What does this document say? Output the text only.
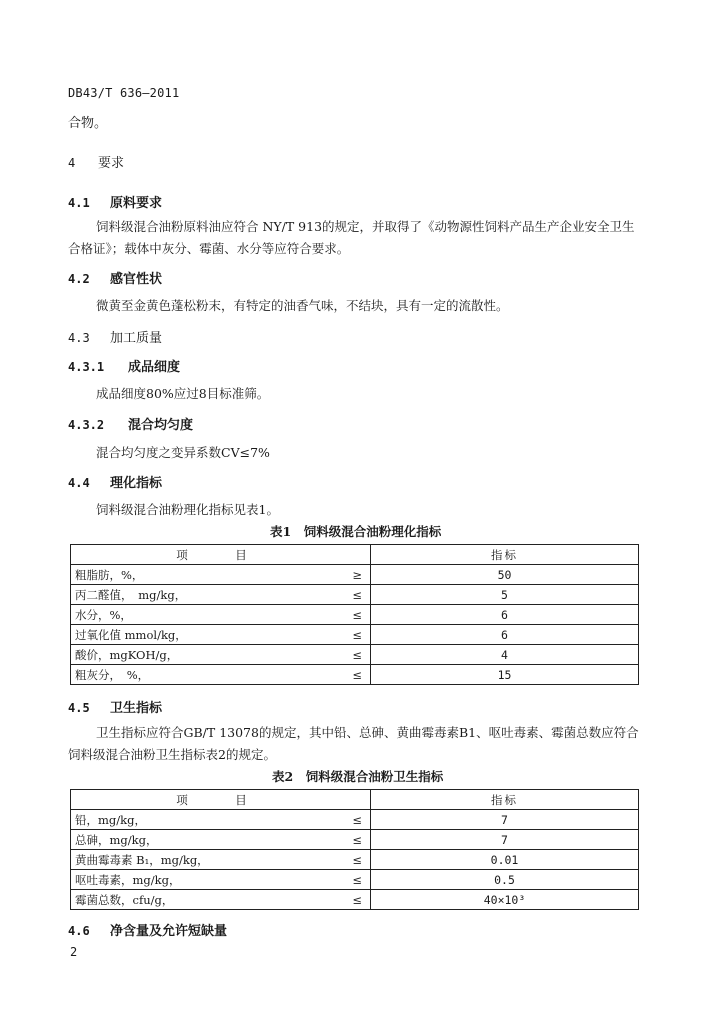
DB43/T 636—2011
合物。
4 要求
4.1 原料要求
饲料级混合油粉原料油应符合 NY/T 913的规定，并取得了《动物源性饲料产品生产企业安全卫生合格证》；载体中灰分、霉菌、水分等应符合要求。
4.2 感官性状
微黄至金黄色蓬松粉末，有特定的油香气味，不结块，具有一定的流散性。
4.3 加工质量
4.3.1 成品细度
成品细度80%应过8目标准筛。
4.3.2 混合均匀度
混合均匀度之变异系数CV≤7%
4.4 理化指标
饲料级混合油粉理化指标见表1。
表1　饲料级混合油粉理化指标
项　目		指标
粗脂肪，%，	≥	50
丙二醛值，　mg/kg，	≤	5
水分，%，	≤	6
过氧化值 mmol/kg，	≤	6
酸价，mgKOH/g，	≤	4
粗灰分，　%，	≤	15
4.5 卫生指标
卫生指标应符合GB/T 13078的规定，其中铅、总砷、黄曲霉毒素B1、呕吐毒素、霉菌总数应符合饲料级混合油粉卫生指标表2的规定。
表2　饲料级混合油粉卫生指标
项　目		指标
铅，mg/kg，	≤	7
总砷，mg/kg，	≤	7
黄曲霉毒素 B₁，mg/kg，	≤	0.01
呕吐毒素，mg/kg，	≤	0.5
霉菌总数，cfu/g，	≤	40×10³
4.6 净含量及允许短缺量
2
